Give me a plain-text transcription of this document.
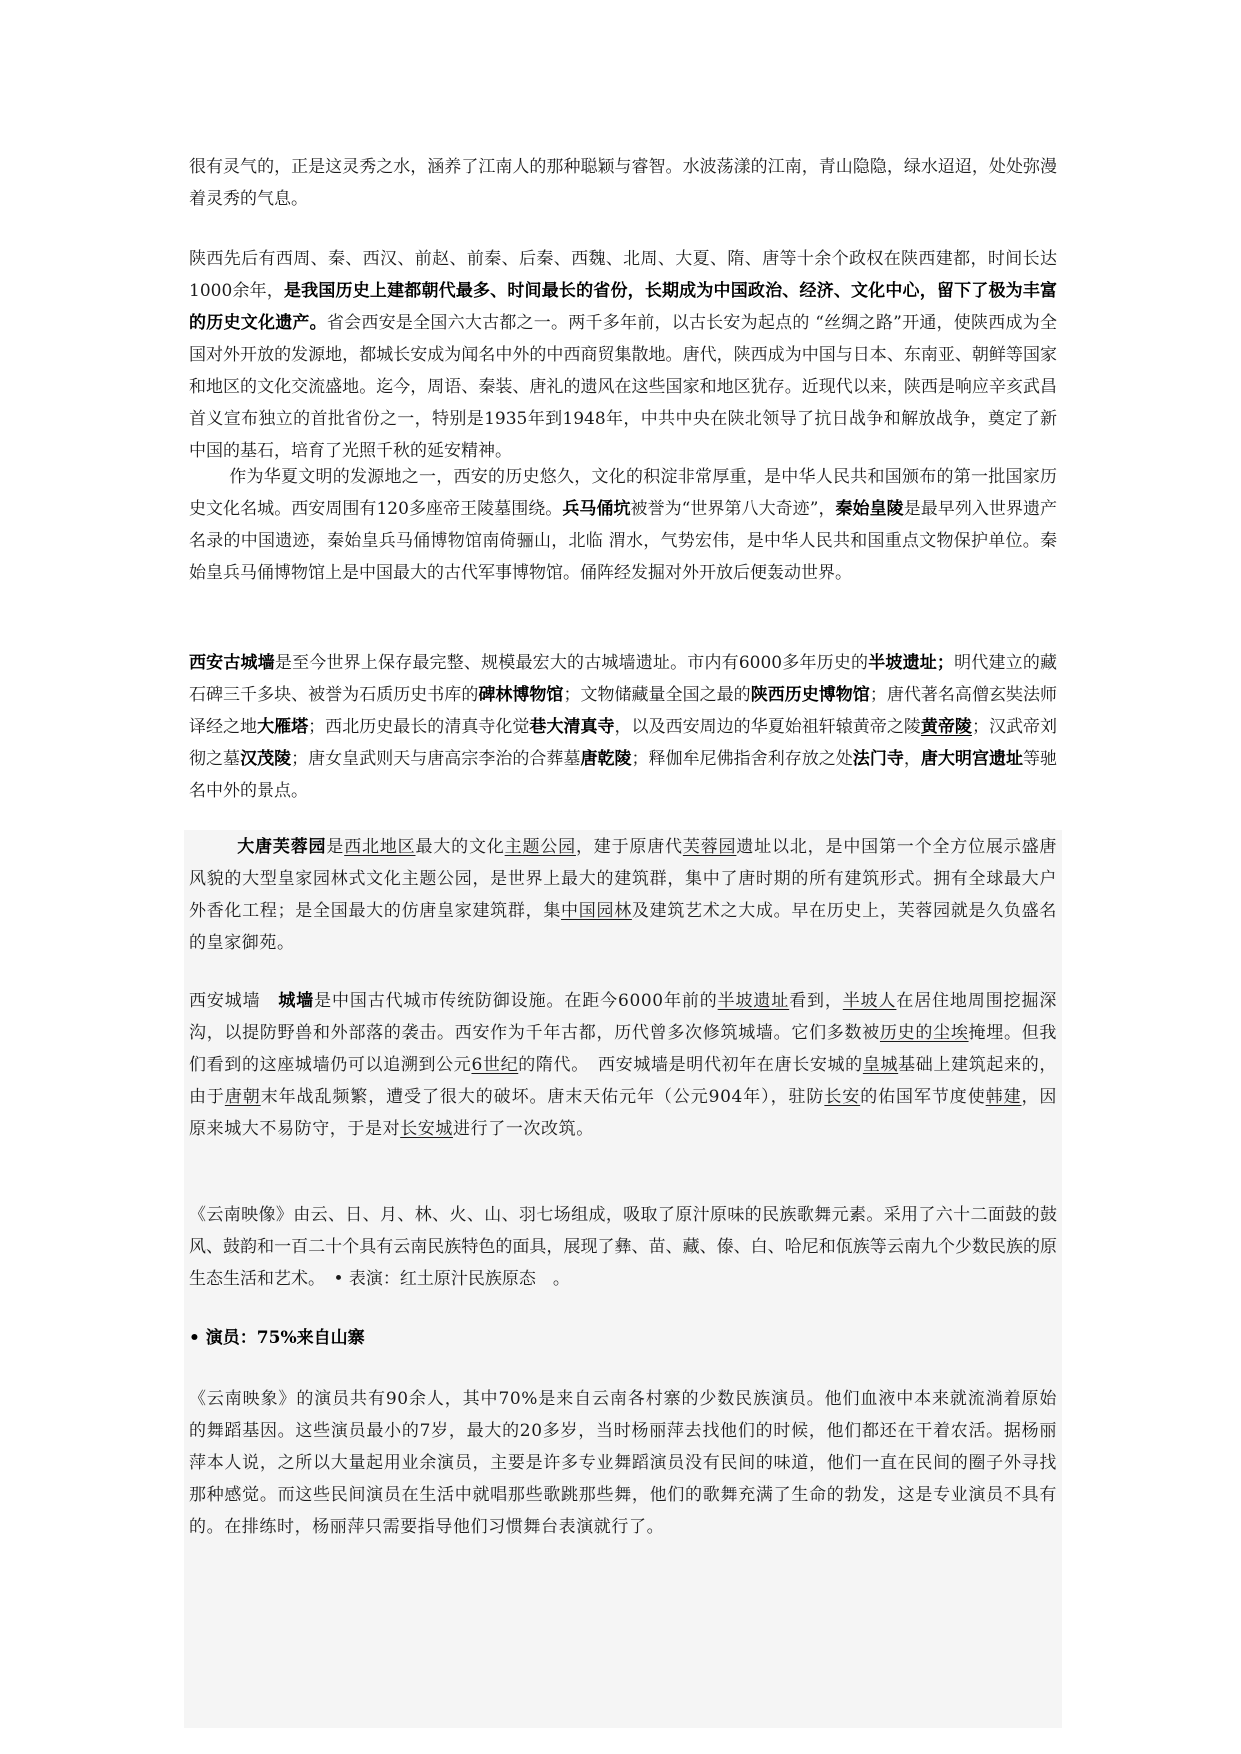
很有灵气的，正是这灵秀之水，涵养了江南人的那种聪颖与睿智。水波荡漾的江南，青山隐隐，绿水迢迢，处处弥漫着灵秀的气息。

陕西先后有西周、秦、西汉、前赵、前秦、后秦、西魏、北周、大夏、隋、唐等十余个政权在陕西建都，时间长达1000余年，是我国历史上建都朝代最多、时间最长的省份，长期成为中国政治、经济、文化中心，留下了极为丰富的历史文化遗产。省会西安是全国六大古都之一。两千多年前，以古长安为起点的 “丝绸之路”开通，使陕西成为全国对外开放的发源地，都城长安成为闻名中外的中西商贸集散地。唐代，陕西成为中国与日本、东南亚、朝鲜等国家和地区的文化交流盛地。迄今，周语、秦装、唐礼的遗风在这些国家和地区犹存。近现代以来，陕西是响应辛亥武昌首义宣布独立的首批省份之一，特别是1935年到1948年，中共中央在陕北领导了抗日战争和解放战争，奠定了新中国的基石，培育了光照千秋的延安精神。

作为华夏文明的发源地之一，西安的历史悠久，文化的积淀非常厚重，是中华人民共和国颁布的第一批国家历史文化名城。西安周围有120多座帝王陵墓围绕。兵马俑坑被誉为“世界第八大奇迹”，秦始皇陵是最早列入世界遗产名录的中国遗迹，秦始皇兵马俑博物馆南倚骊山，北临 渭水，气势宏伟，是中华人民共和国重点文物保护单位。秦始皇兵马俑博物馆上是中国最大的古代军事博物馆。俑阵经发掘对外开放后便轰动世界。

西安古城墙是至今世界上保存最完整、规模最宏大的古城墙遗址。市内有6000多年历史的半坡遗址；明代建立的藏石碑三千多块、被誉为石质历史书库的碑林博物馆；文物储藏量全国之最的陕西历史博物馆；唐代著名高僧玄奘法师译经之地大雁塔；西北历史最长的清真寺化觉巷大清真寺，以及西安周边的华夏始祖轩辕黄帝之陵黄帝陵；汉武帝刘彻之墓汉茂陵；唐女皇武则天与唐高宗李治的合葬墓唐乾陵；释伽牟尼佛指舍利存放之处法门寺，唐大明宫遗址等驰名中外的景点。

大唐芙蓉园是西北地区最大的文化主题公园，建于原唐代芙蓉园遗址以北，是中国第一个全方位展示盛唐风貌的大型皇家园林式文化主题公园，是世界上最大的建筑群，集中了唐时期的所有建筑形式。拥有全球最大户外香化工程；是全国最大的仿唐皇家建筑群，集中国园林及建筑艺术之大成。早在历史上，芙蓉园就是久负盛名的皇家御苑。

西安城墙　城墙是中国古代城市传统防御设施。在距今6000年前的半坡遗址看到，半坡人在居住地周围挖掘深沟，以提防野兽和外部落的袭击。西安作为千年古都，历代曾多次修筑城墙。它们多数被历史的尘埃掩埋。但我们看到的这座城墙仍可以追溯到公元6世纪的隋代。　西安城墙是明代初年在唐长安城的皇城基础上建筑起来的，由于唐朝末年战乱频繁，遭受了很大的破坏。唐末天佑元年（公元904年），驻防长安的佑国军节度使韩建，因原来城大不易防守，于是对长安城进行了一次改筑。

《云南映像》由云、日、月、林、火、山、羽七场组成，吸取了原汁原味的民族歌舞元素。采用了六十二面鼓的鼓风、鼓韵和一百二十个具有云南民族特色的面具，展现了彝、苗、藏、傣、白、哈尼和佤族等云南九个少数民族的原生态生活和艺术。　• 表演：红土原汁民族原态　。

• 演员：75%来自山寨

《云南映象》的演员共有90余人，其中70%是来自云南各村寨的少数民族演员。他们血液中本来就流淌着原始的舞蹈基因。这些演员最小的7岁，最大的20多岁，当时杨丽萍去找他们的时候，他们都还在干着农活。据杨丽萍本人说，之所以大量起用业余演员，主要是许多专业舞蹈演员没有民间的味道，他们一直在民间的圈子外寻找那种感觉。而这些民间演员在生活中就唱那些歌跳那些舞，他们的歌舞充满了生命的勃发，这是专业演员不具有的。在排练时，杨丽萍只需要指导他们习惯舞台表演就行了。
